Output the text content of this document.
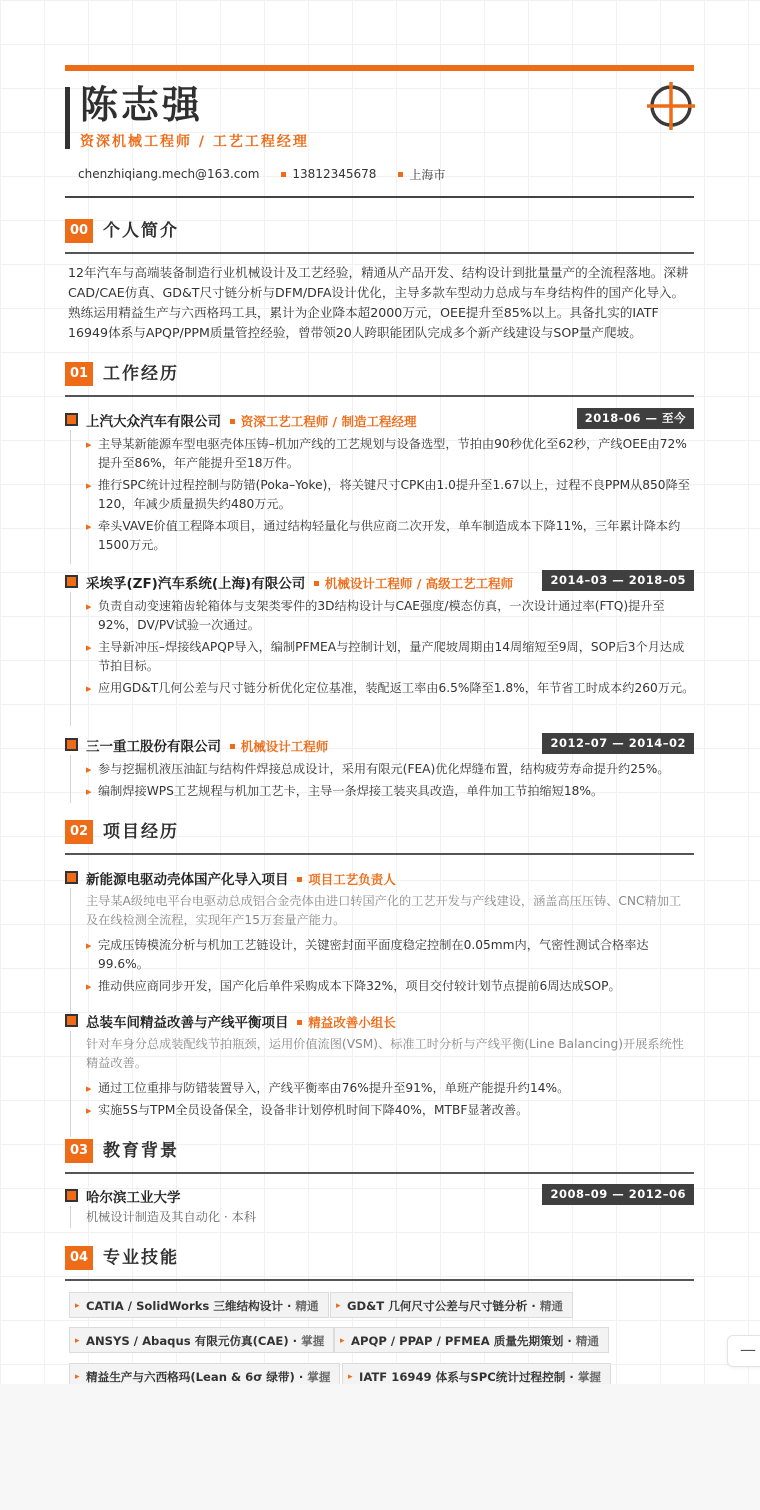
陈志强
资深机械工程师 / 工艺工程经理
chenzhiqiang.mech@163.com	13812345678	上海市
00 个人简介
12年汽车与高端装备制造行业机械设计及工艺经验，精通从产品开发、结构设计到批量量产的全流程落地。深耕CAD/CAE仿真、GD&T尺寸链分析与DFM/DFA设计优化，主导多款车型动力总成与车身结构件的国产化导入。熟练运用精益生产与六西格玛工具，累计为企业降本超2000万元，OEE提升至85%以上。具备扎实的IATF 16949体系与APQP/PPM质量管控经验，曾带领20人跨职能团队完成多个新产线建设与SOP量产爬坡。
01 工作经历
上汽大众汽车有限公司 资深工艺工程师 / 制造工程经理	2018-06 — 至今
▸ 主导某新能源车型电驱壳体压铸–机加产线的工艺规划与设备选型，节拍由90秒优化至62秒，产线OEE由72%提升至86%，年产能提升至18万件。
▸ 推行SPC统计过程控制与防错(Poka–Yoke)，将关键尺寸CPK由1.0提升至1.67以上，过程不良PPM从850降至120，年减少质量损失约480万元。
▸ 牵头VAVE价值工程降本项目，通过结构轻量化与供应商二次开发，单车制造成本下降11%，三年累计降本约1500万元。
采埃孚(ZF)汽车系统(上海)有限公司 机械设计工程师 / 高级工艺工程师	2014–03 — 2018–05
▸ 负责自动变速箱齿轮箱体与支架类零件的3D结构设计与CAE强度/模态仿真，一次设计通过率(FTQ)提升至92%，DV/PV试验一次通过。
▸ 主导新冲压–焊接线APQP导入，编制PFMEA与控制计划，量产爬坡周期由14周缩短至9周，SOP后3个月达成节拍目标。
▸ 应用GD&T几何公差与尺寸链分析优化定位基准，装配返工率由6.5%降至1.8%，年节省工时成本约260万元。
三一重工股份有限公司 机械设计工程师	2012–07 — 2014–02
▸ 参与挖掘机液压油缸与结构件焊接总成设计，采用有限元(FEA)优化焊缝布置，结构疲劳寿命提升约25%。
▸ 编制焊接WPS工艺规程与机加工艺卡，主导一条焊接工装夹具改造，单件加工节拍缩短18%。
02 项目经历
新能源电驱动壳体国产化导入项目 项目工艺负责人
主导某A级纯电平台电驱动总成铝合金壳体由进口转国产化的工艺开发与产线建设，涵盖高压压铸、CNC精加工及在线检测全流程，实现年产15万套量产能力。
▸ 完成压铸模流分析与机加工艺链设计，关键密封面平面度稳定控制在0.05mm内，气密性测试合格率达99.6%。
▸ 推动供应商同步开发，国产化后单件采购成本下降32%，项目交付较计划节点提前6周达成SOP。
总装车间精益改善与产线平衡项目 精益改善小组长
针对车身分总成装配线节拍瓶颈，运用价值流图(VSM)、标准工时分析与产线平衡(Line Balancing)开展系统性精益改善。
▸ 通过工位重排与防错装置导入，产线平衡率由76%提升至91%，单班产能提升约14%。
▸ 实施5S与TPM全员设备保全，设备非计划停机时间下降40%，MTBF显著改善。
03 教育背景
哈尔滨工业大学	2008–09 — 2012–06
机械设计制造及其自动化 · 本科
04 专业技能
▸ CATIA / SolidWorks 三维结构设计 · 精通	▸ GD&T 几何尺寸公差与尺寸链分析 · 精通
▸ ANSYS / Abaqus 有限元仿真(CAE) · 掌握	▸ APQP / PPAP / PFMEA 质量先期策划 · 精通
▸ 精益生产与六西格玛(Lean & 6σ 绿带) · 掌握	▸ IATF 16949 体系与SPC统计过程控制 · 掌握
—
